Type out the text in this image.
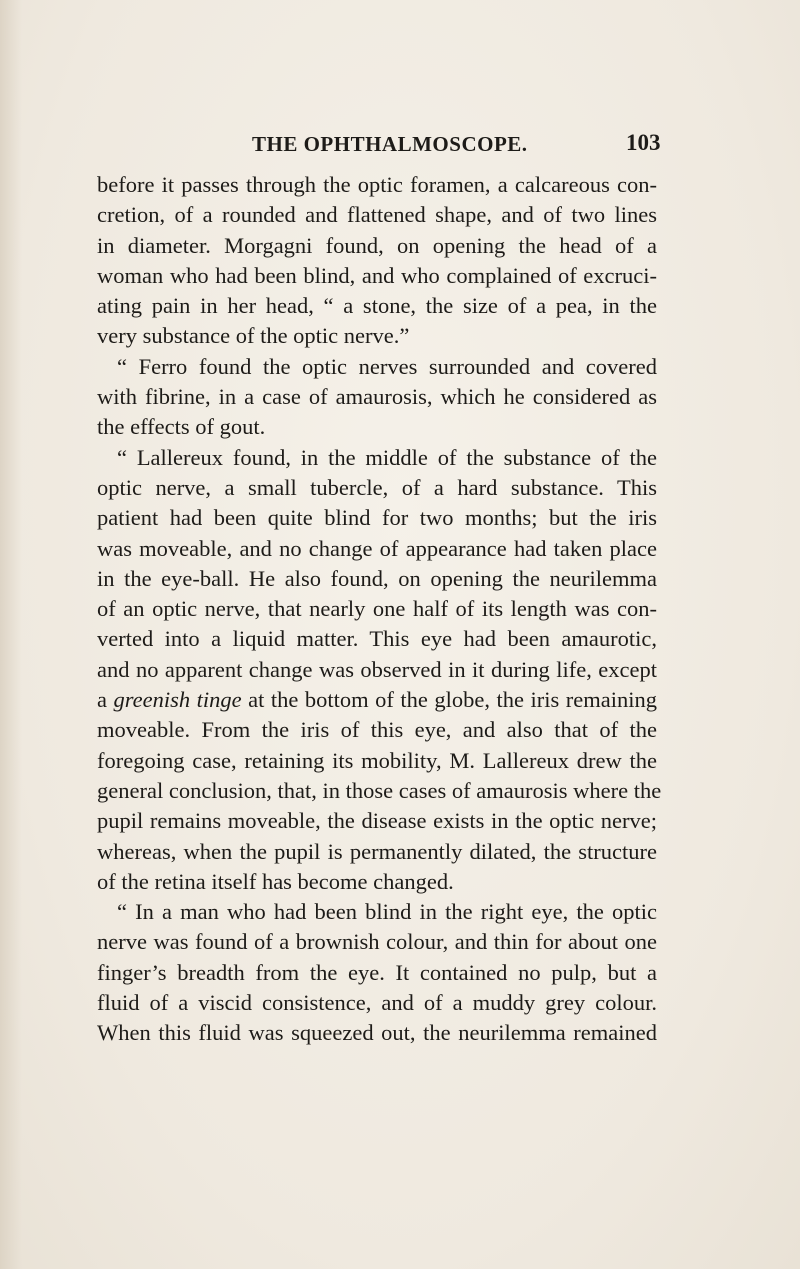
THE OPHTHALMOSCOPE.	103
before it passes through the optic foramen, a calcareous con-
cretion, of a rounded and flattened shape, and of two lines
in diameter. Morgagni found, on opening the head of a
woman who had been blind, and who complained of excruci-
ating pain in her head, “ a stone, the size of a pea, in the
very substance of the optic nerve.”
“ Ferro found the optic nerves surrounded and covered
with fibrine, in a case of amaurosis, which he considered as
the effects of gout.
“ Lallereux found, in the middle of the substance of the
optic nerve, a small tubercle, of a hard substance. This
patient had been quite blind for two months; but the iris
was moveable, and no change of appearance had taken place
in the eye-ball. He also found, on opening the neurilemma
of an optic nerve, that nearly one half of its length was con-
verted into a liquid matter. This eye had been amaurotic,
and no apparent change was observed in it during life, except
a greenish tinge at the bottom of the globe, the iris remaining
moveable. From the iris of this eye, and also that of the
foregoing case, retaining its mobility, M. Lallereux drew the
general conclusion, that, in those cases of amaurosis where the
pupil remains moveable, the disease exists in the optic nerve;
whereas, when the pupil is permanently dilated, the structure
of the retina itself has become changed.
“ In a man who had been blind in the right eye, the optic
nerve was found of a brownish colour, and thin for about one
finger’s breadth from the eye. It contained no pulp, but a
fluid of a viscid consistence, and of a muddy grey colour.
When this fluid was squeezed out, the neurilemma remained
